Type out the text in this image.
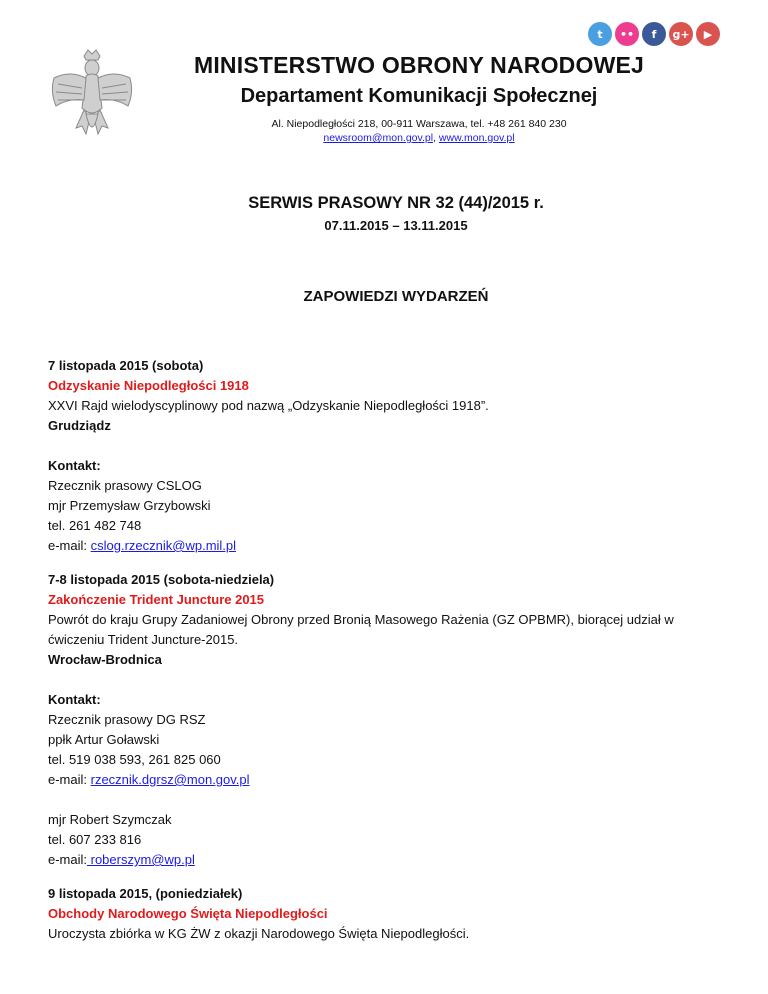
t	••	f	g+	▶
MINISTERSTWO OBRONY NARODOWEJ
Departament Komunikacji Społecznej
Al. Niepodległości 218, 00-911 Warszawa, tel. +48 261 840 230
newsroom@mon.gov.pl, www.mon.gov.pl
SERWIS PRASOWY NR 32 (44)/2015 r.
07.11.2015 – 13.11.2015
ZAPOWIEDZI WYDARZEŃ

7 listopada 2015 (sobota)

Odzyskanie Niepodległości 1918

XXVI Rajd wielodyscyplinowy pod nazwą „Odzyskanie Niepodległości 1918”.

Grudziądz

Kontakt:

Rzecznik prasowy CSLOG

mjr Przemysław Grzybowski

tel. 261 482 748

e-mail: cslog.rzecznik@wp.mil.pl

7-8 listopada 2015 (sobota-niedziela)

Zakończenie Trident Juncture 2015

Powrót do kraju Grupy Zadaniowej Obrony przed Bronią Masowego Rażenia (GZ OPBMR), biorącej udział w ćwiczeniu Trident Juncture-2015.

Wrocław-Brodnica

Kontakt:

Rzecznik prasowy DG RSZ

ppłk Artur Goławski

tel. 519 038 593, 261 825 060

e-mail: rzecznik.dgrsz@mon.gov.pl

mjr Robert Szymczak

tel. 607 233 816

e-mail: roberszym@wp.pl

9 listopada 2015, (poniedziałek)

Obchody Narodowego Święta Niepodległości

Uroczysta zbiórka w KG ŻW z okazji Narodowego Święta Niepodległości.
